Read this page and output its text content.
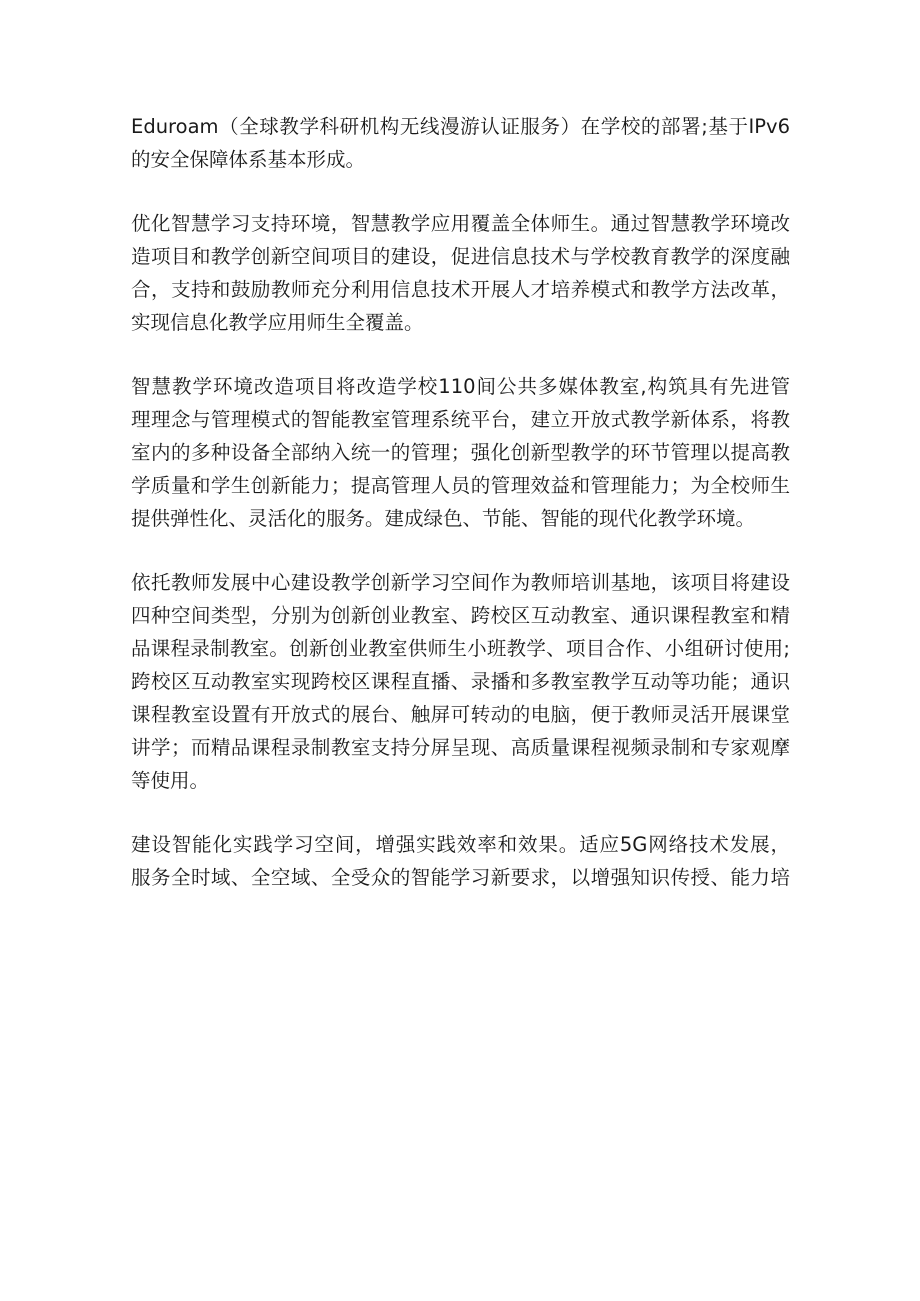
Eduroam（全球教学科研机构无线漫游认证服务）在学校的部署;基于IPv6
的安全保障体系基本形成。

优化智慧学习支持环境，智慧教学应用覆盖全体师生。通过智慧教学环境改
造项目和教学创新空间项目的建设，促进信息技术与学校教育教学的深度融
合，支持和鼓励教师充分利用信息技术开展人才培养模式和教学方法改革，
实现信息化教学应用师生全覆盖。

智慧教学环境改造项目将改造学校110间公共多媒体教室,构筑具有先进管
理理念与管理模式的智能教室管理系统平台，建立开放式教学新体系，将教
室内的多种设备全部纳入统一的管理；强化创新型教学的环节管理以提高教
学质量和学生创新能力；提高管理人员的管理效益和管理能力；为全校师生
提供弹性化、灵活化的服务。建成绿色、节能、智能的现代化教学环境。

依托教师发展中心建设教学创新学习空间作为教师培训基地，该项目将建设
四种空间类型，分别为创新创业教室、跨校区互动教室、通识课程教室和精
品课程录制教室。创新创业教室供师生小班教学、项目合作、小组研讨使用;
跨校区互动教室实现跨校区课程直播、录播和多教室教学互动等功能；通识
课程教室设置有开放式的展台、触屏可转动的电脑，便于教师灵活开展课堂
讲学；而精品课程录制教室支持分屏呈现、高质量课程视频录制和专家观摩
等使用。

建设智能化实践学习空间，增强实践效率和效果。适应5G网络技术发展，
服务全时域、全空域、全受众的智能学习新要求，以增强知识传授、能力培
